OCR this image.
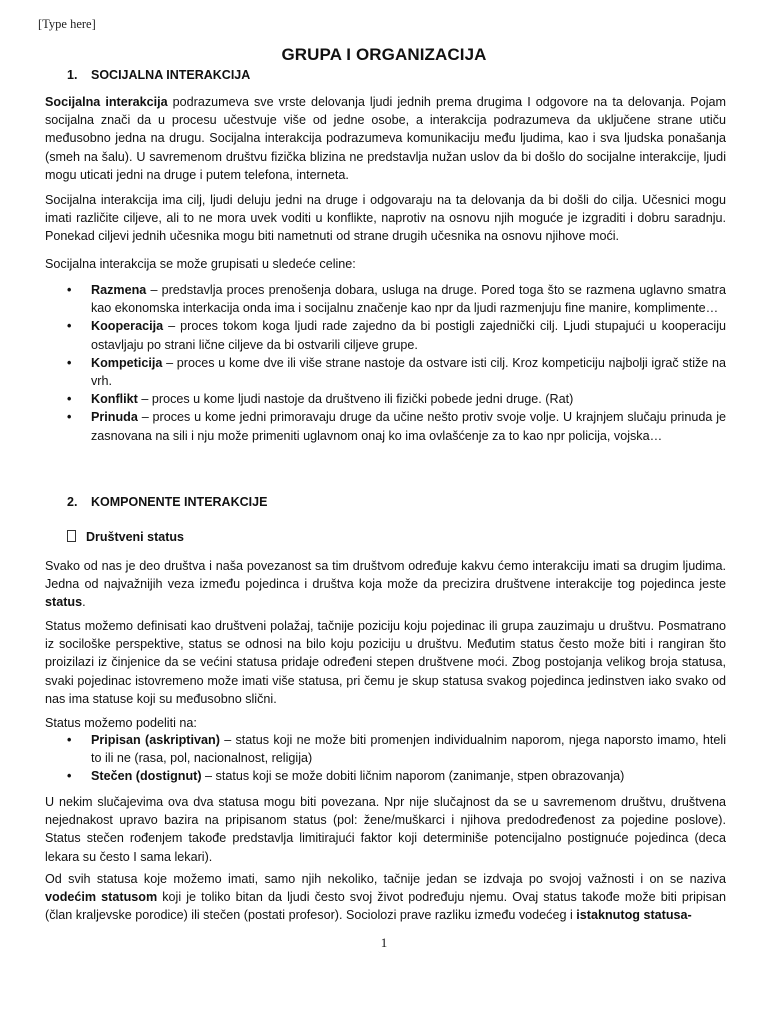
[Type here]
GRUPA I ORGANIZACIJA
1. SOCIJALNA INTERAKCIJA

Socijalna interakcija podrazumeva sve vrste delovanja ljudi jednih prema drugima I odgovore na ta delovanja. Pojam socijalna znači da u procesu učestvuje više od jedne osobe, a interakcija podrazumeva da uključene strane utiču međusobno jedna na drugu. Socijalna interakcija podrazumeva komunikaciju među ljudima, kao i sva ljudska ponašanja (smeh na šalu). U savremenom društvu fizička blizina ne predstavlja nužan uslov da bi došlo do socijalne interakcije, ljudi mogu uticati jedni na druge i putem telefona, interneta.

Socijalna interakcija ima cilj, ljudi deluju jedni na druge i odgovaraju na ta delovanja da bi došli do cilja. Učesnici mogu imati različite ciljeve, ali to ne mora uvek voditi u konflikte, naprotiv na osnovu njih moguće je izgraditi i dobru saradnju. Ponekad ciljevi jednih učesnika mogu biti nametnuti od strane drugih učesnika na osnovu njihove moći.

Socijalna interakcija se može grupisati u sledeće celine:

• Razmena – predstavlja proces prenošenja dobara, usluga na druge. Pored toga što se razmena uglavno smatra kao ekonomska interkacija onda ima i socijalnu značenje kao npr da ljudi razmenjuju fine manire, komplimente…
• Kooperacija – proces tokom koga ljudi rade zajedno da bi postigli zajednički cilj. Ljudi stupajući u kooperaciju ostavljaju po strani lične ciljeve da bi ostvarili ciljeve grupe.
• Kompeticija – proces u kome dve ili više strane nastoje da ostvare isti cilj. Kroz kompeticiju najbolji igrač stiže na vrh.
• Konflikt – proces u kome ljudi nastoje da društveno ili fizički pobede jedni druge. (Rat)
• Prinuda – proces u kome jedni primoravaju druge da učine nešto protiv svoje volje. U krajnjem slučaju prinuda je zasnovana na sili i nju može primeniti uglavnom onaj ko ima ovlašćenje za to kao npr policija, vojska…
2. KOMPONENTE INTERAKCIJE
Društveni status

Svako od nas je deo društva i naša povezanost sa tim društvom određuje kakvu ćemo interakciju imati sa drugim ljudima. Jedna od najvažnijih veza između pojedinca i društva koja može da precizira društvene interakcije tog pojedinca jeste status.

Status možemo definisati kao društveni polažaj, tačnije poziciju koju pojedinac ili grupa zauzimaju u društvu. Posmatrano iz sociloške perspektive, status se odnosi na bilo koju poziciju u društvu. Međutim status često može biti i rangiran što proizilazi iz činjenice da se većini statusa pridaje određeni stepen društvene moći. Zbog postojanja velikog broja statusa, svaki pojedinac istovremeno može imati više statusa, pri čemu je skup statusa svakog pojedinca jedinstven iako svako od nas ima statuse koji su međusobno slični.

Status možemo podeliti na:

• Pripisan (askriptivan) – status koji ne može biti promenjen individualnim naporom, njega naporsto imamo, hteli to ili ne (rasa, pol, nacionalnost, religija)
• Stečen (dostignut) – status koji se može dobiti ličnim naporom (zanimanje, stpen obrazovanja)

U nekim slučajevima ova dva statusa mogu biti povezana. Npr nije slučajnost da se u savremenom društvu, društvena nejednakost upravo bazira na pripisanom status (pol: žene/muškarci i njihova predodređenost za pojedine poslove). Status stečen rođenjem takođe predstavlja limitirajući faktor koji determiniše potencijalno postignuće pojedinca (deca lekara su često I sama lekari).

Od svih statusa koje možemo imati, samo njih nekoliko, tačnije jedan se izdvaja po svojoj važnosti i on se naziva vodećim statusom koji je toliko bitan da ljudi često svoj život podređuju njemu. Ovaj status takođe može biti pripisan (član kraljevske porodice) ili stečen (postati profesor). Sociolozi prave razliku između vodećeg i istaknutog statusa-

1
